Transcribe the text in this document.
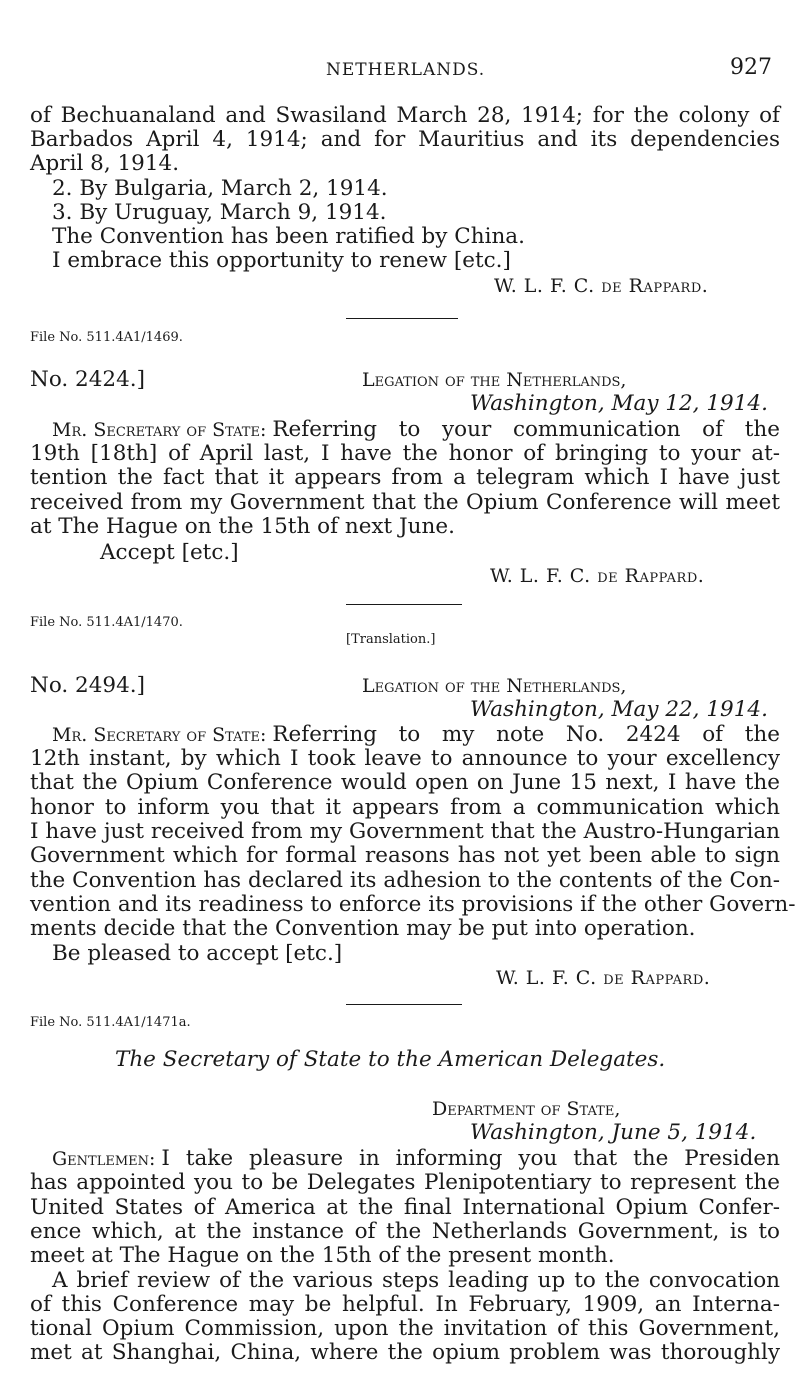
NETHERLANDS.	927
of Bechuanaland and Swasiland March 28, 1914; for the colony of
Barbados April 4, 1914; and for Mauritius and its dependencies
April 8, 1914.
2. By Bulgaria, March 2, 1914.
3. By Uruguay, March 9, 1914.
The Convention has been ratified by China.
I embrace this opportunity to renew [etc.]
W. L. F. C. de Rappard.
File No. 511.4A1/1469.
No. 2424.]	Legation of the Netherlands,
Washington, May 12, 1914.
Mr. Secretary of State: Referring to your communication of the
19th [18th] of April last, I have the honor of bringing to your at-
tention the fact that it appears from a telegram which I have just
received from my Government that the Opium Conference will meet
at The Hague on the 15th of next June.
Accept [etc.]
W. L. F. C. de Rappard.
File No. 511.4A1/1470.
[Translation.]
No. 2494.]	Legation of the Netherlands,
Washington, May 22, 1914.
Mr. Secretary of State: Referring to my note No. 2424 of the
12th instant, by which I took leave to announce to your excellency
that the Opium Conference would open on June 15 next, I have the
honor to inform you that it appears from a communication which
I have just received from my Government that the Austro-Hungarian
Government which for formal reasons has not yet been able to sign
the Convention has declared its adhesion to the contents of the Con-
vention and its readiness to enforce its provisions if the other Govern-
ments decide that the Convention may be put into operation.
Be pleased to accept [etc.]
W. L. F. C. de Rappard.
File No. 511.4A1/1471a.
The Secretary of State to the American Delegates.
Department of State,
Washington, June 5, 1914.
Gentlemen: I take pleasure in informing you that the Presiden
has appointed you to be Delegates Plenipotentiary to represent the
United States of America at the final International Opium Confer-
ence which, at the instance of the Netherlands Government, is to
meet at The Hague on the 15th of the present month.
A brief review of the various steps leading up to the convocation
of this Conference may be helpful. In February, 1909, an Interna-
tional Opium Commission, upon the invitation of this Government,
met at Shanghai, China, where the opium problem was thoroughly
